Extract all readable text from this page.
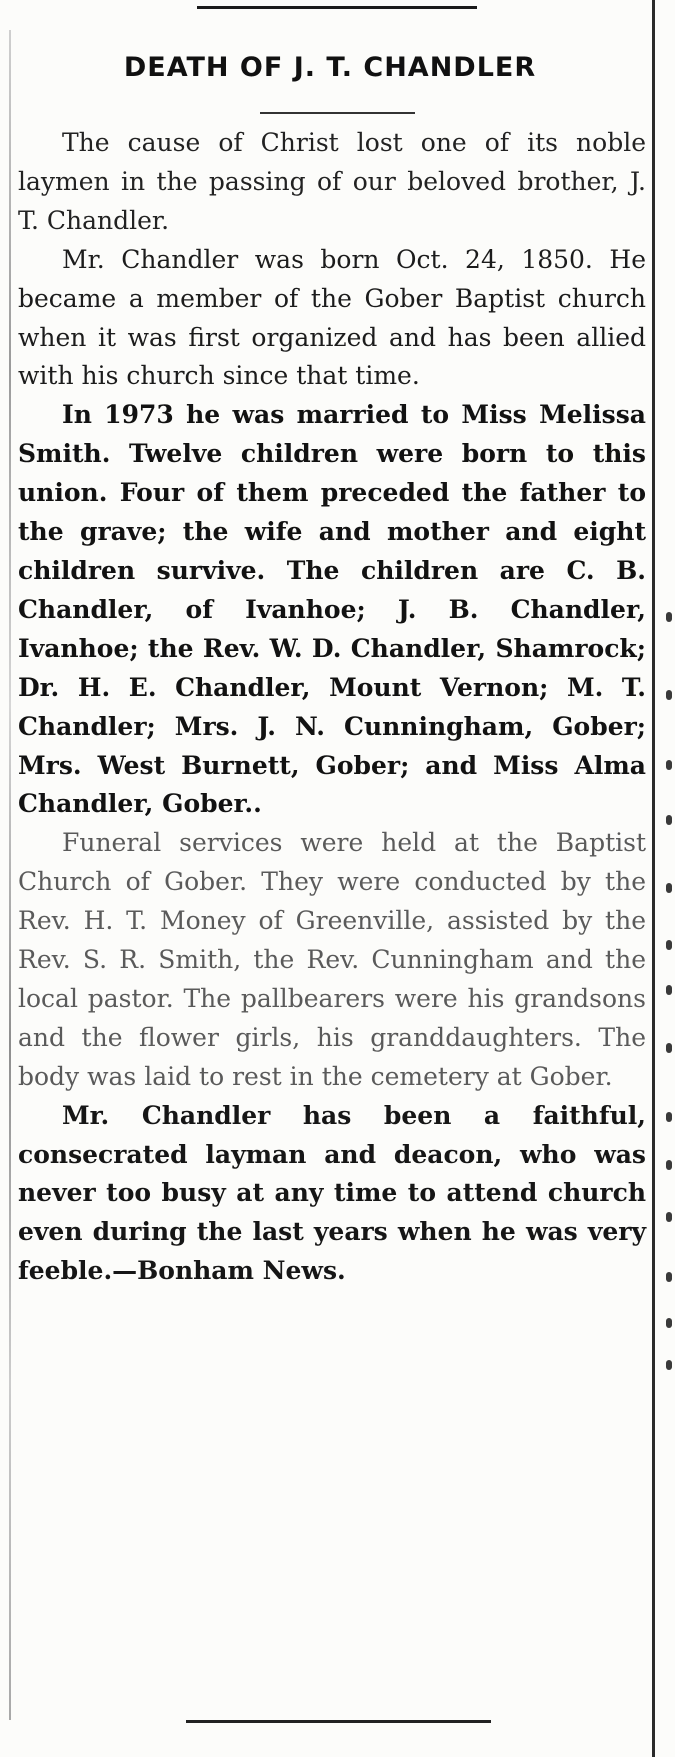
DEATH OF J. T. CHANDLER

The cause of Christ lost one of its noble laymen in the passing of our beloved brother, J. T. Chandler.

Mr. Chandler was born Oct. 24, 1850. He became a member of the Gober Baptist church when it was first organized and has been allied with his church since that time.

In 1973 he was married to Miss Melissa Smith. Twelve children were born to this union. Four of them preceded the father to the grave; the wife and mother and eight children survive. The children are C. B. Chandler, of Ivanhoe; J. B. Chandler, Ivanhoe; the Rev. W. D. Chandler, Shamrock; Dr. H. E. Chandler, Mount Vernon; M. T. Chandler; Mrs. J. N. Cunningham, Gober; Mrs. West Burnett, Gober; and Miss Alma Chandler, Gober..

Funeral services were held at the Baptist Church of Gober. They were conducted by the Rev. H. T. Money of Greenville, assisted by the Rev. S. R. Smith, the Rev. Cunningham and the local pastor. The pallbearers were his grandsons and the flower girls, his granddaughters. The body was laid to rest in the cemetery at Gober.

Mr. Chandler has been a faithful, consecrated layman and deacon, who was never too busy at any time to attend church even during the last years when he was very feeble.—Bonham News.
